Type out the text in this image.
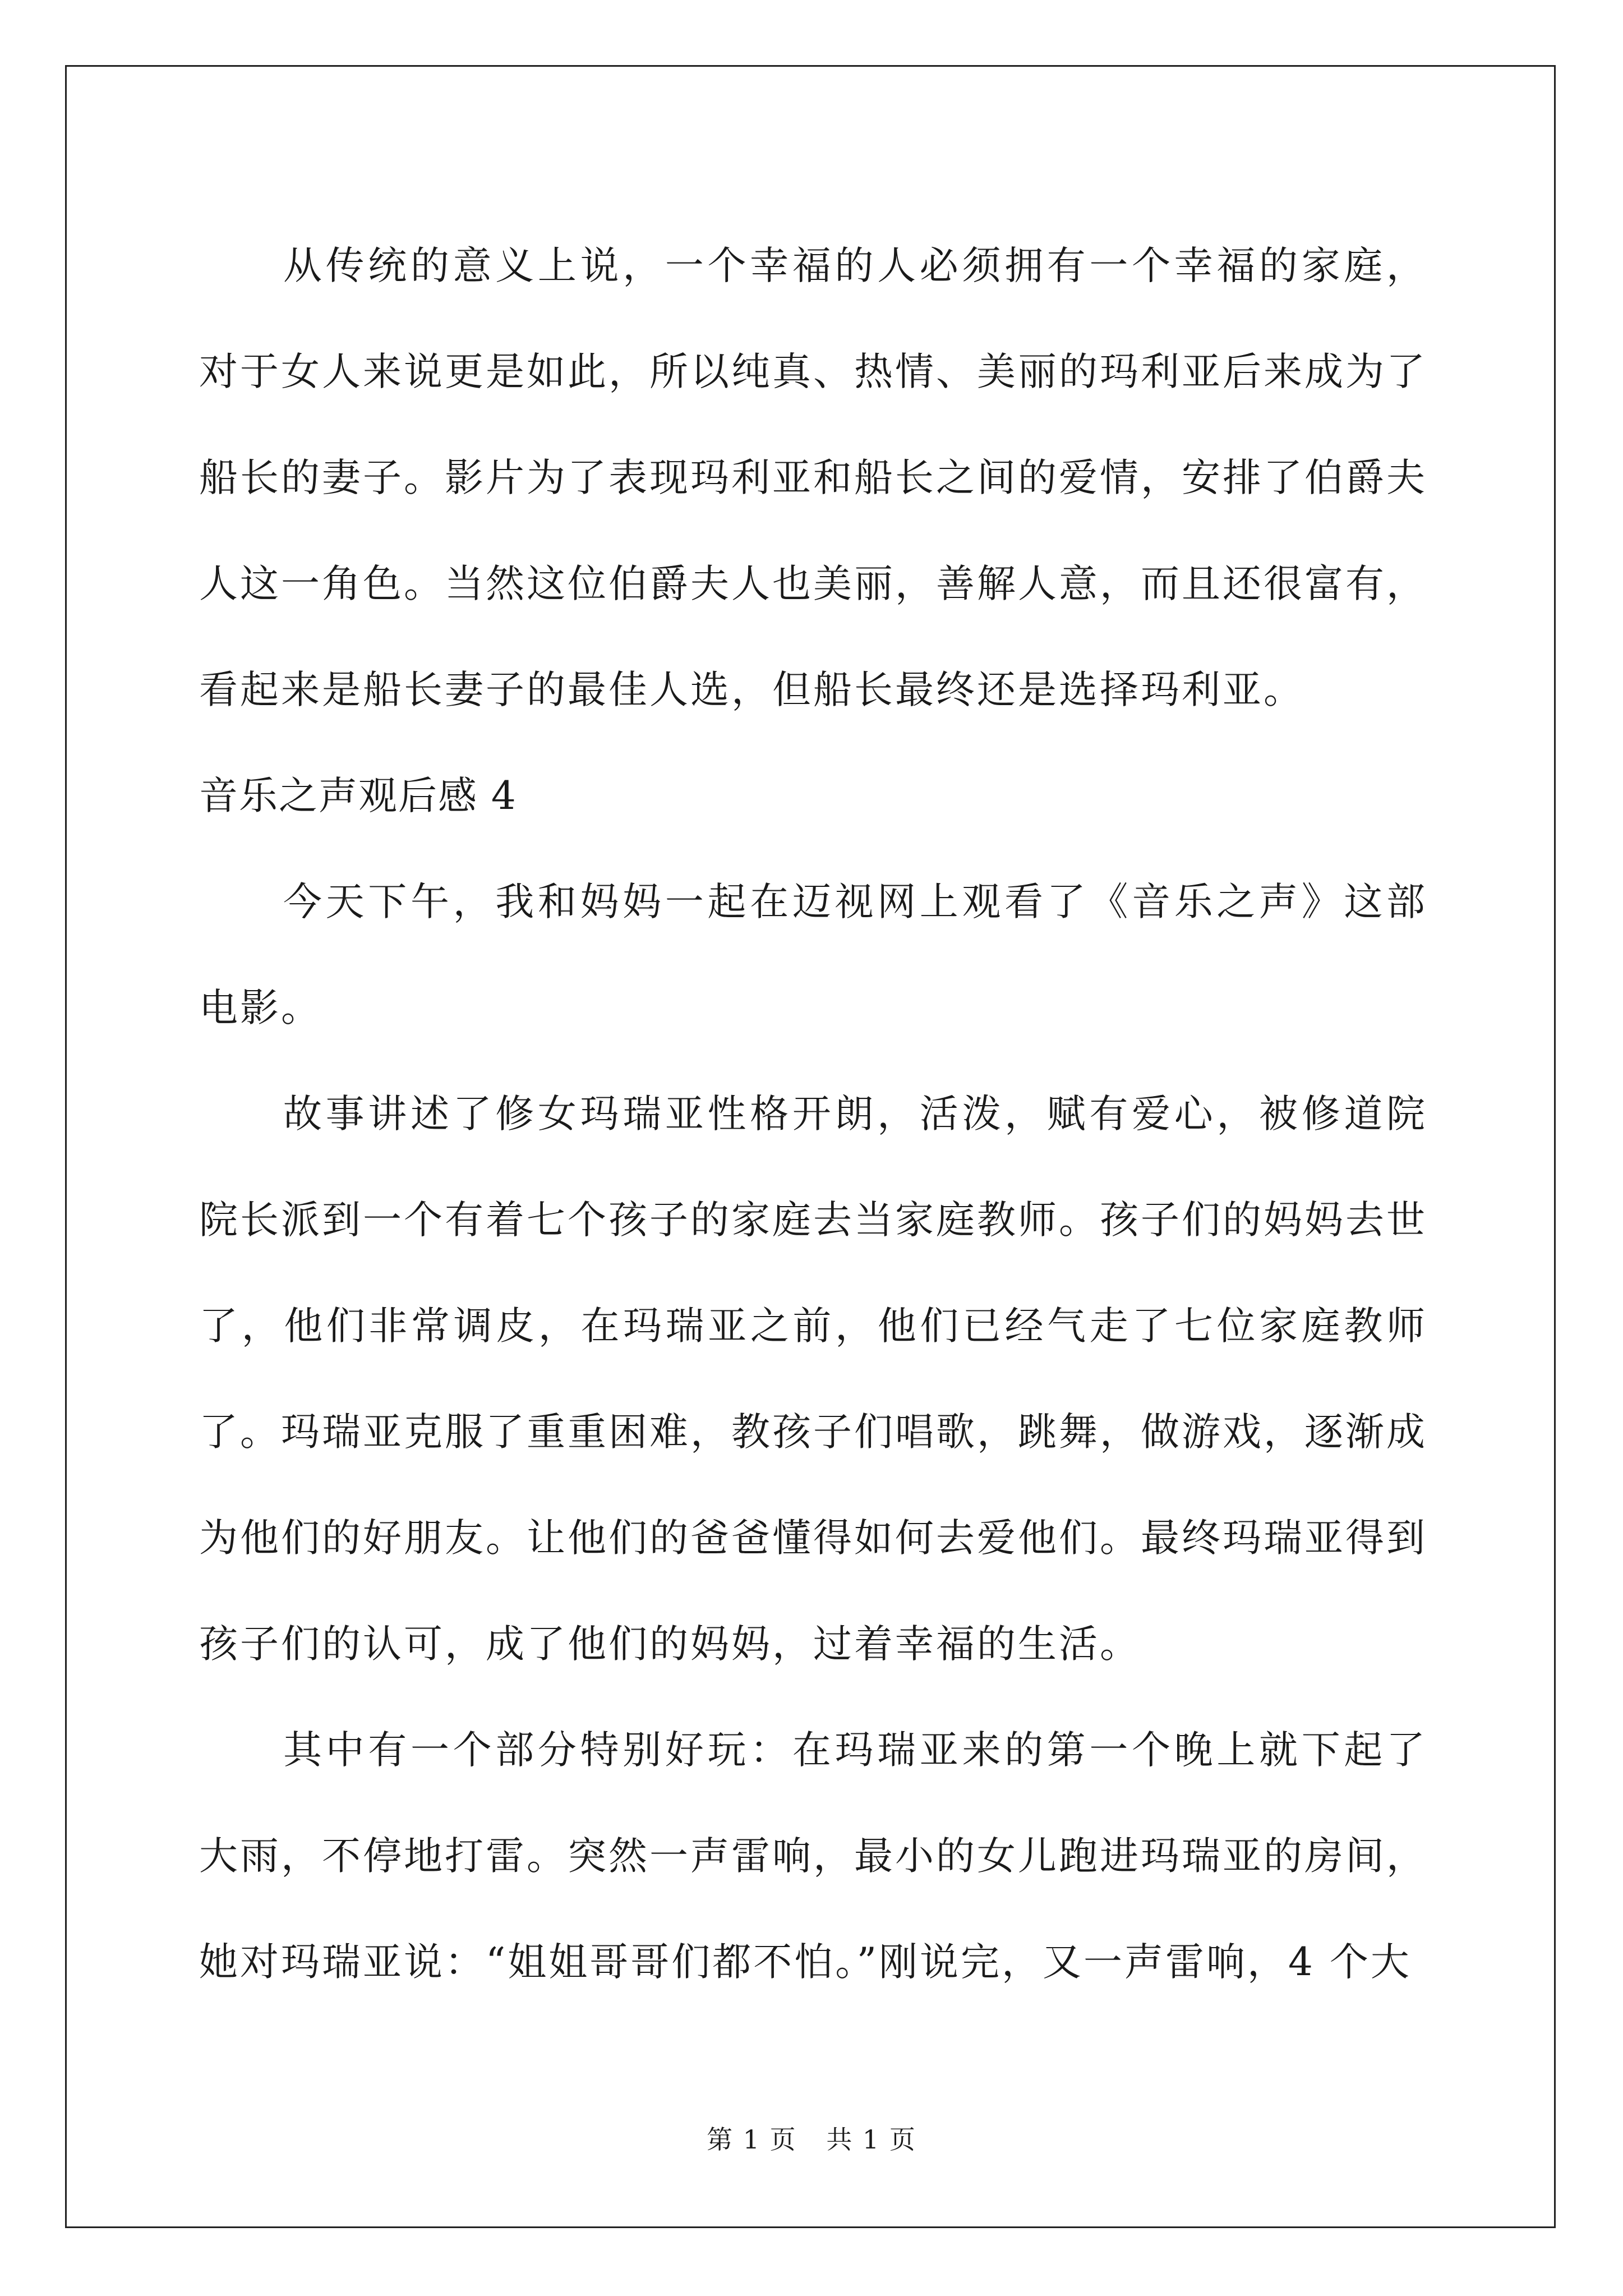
从传统的意义上说，一个幸福的人必须拥有一个幸福的家庭，对于女人来说更是如此，所以纯真、热情、美丽的玛利亚后来成为了船长的妻子。影片为了表现玛利亚和船长之间的爱情，安排了伯爵夫人这一角色。当然这位伯爵夫人也美丽，善解人意，而且还很富有，看起来是船长妻子的最佳人选，但船长最终还是选择玛利亚。

音乐之声观后感 4

今天下午，我和妈妈一起在迈视网上观看了《音乐之声》这部电影。

故事讲述了修女玛瑞亚性格开朗，活泼，赋有爱心，被修道院院长派到一个有着七个孩子的家庭去当家庭教师。孩子们的妈妈去世了，他们非常调皮，在玛瑞亚之前，他们已经气走了七位家庭教师了。玛瑞亚克服了重重困难，教孩子们唱歌，跳舞，做游戏，逐渐成为他们的好朋友。让他们的爸爸懂得如何去爱他们。最终玛瑞亚得到孩子们的认可，成了他们的妈妈，过着幸福的生活。

其中有一个部分特别好玩：在玛瑞亚来的第一个晚上就下起了大雨，不停地打雷。突然一声雷响，最小的女儿跑进玛瑞亚的房间，她对玛瑞亚说：“姐姐哥哥们都不怕。”刚说完，又一声雷响，4 个大

第 1 页 共 1 页
